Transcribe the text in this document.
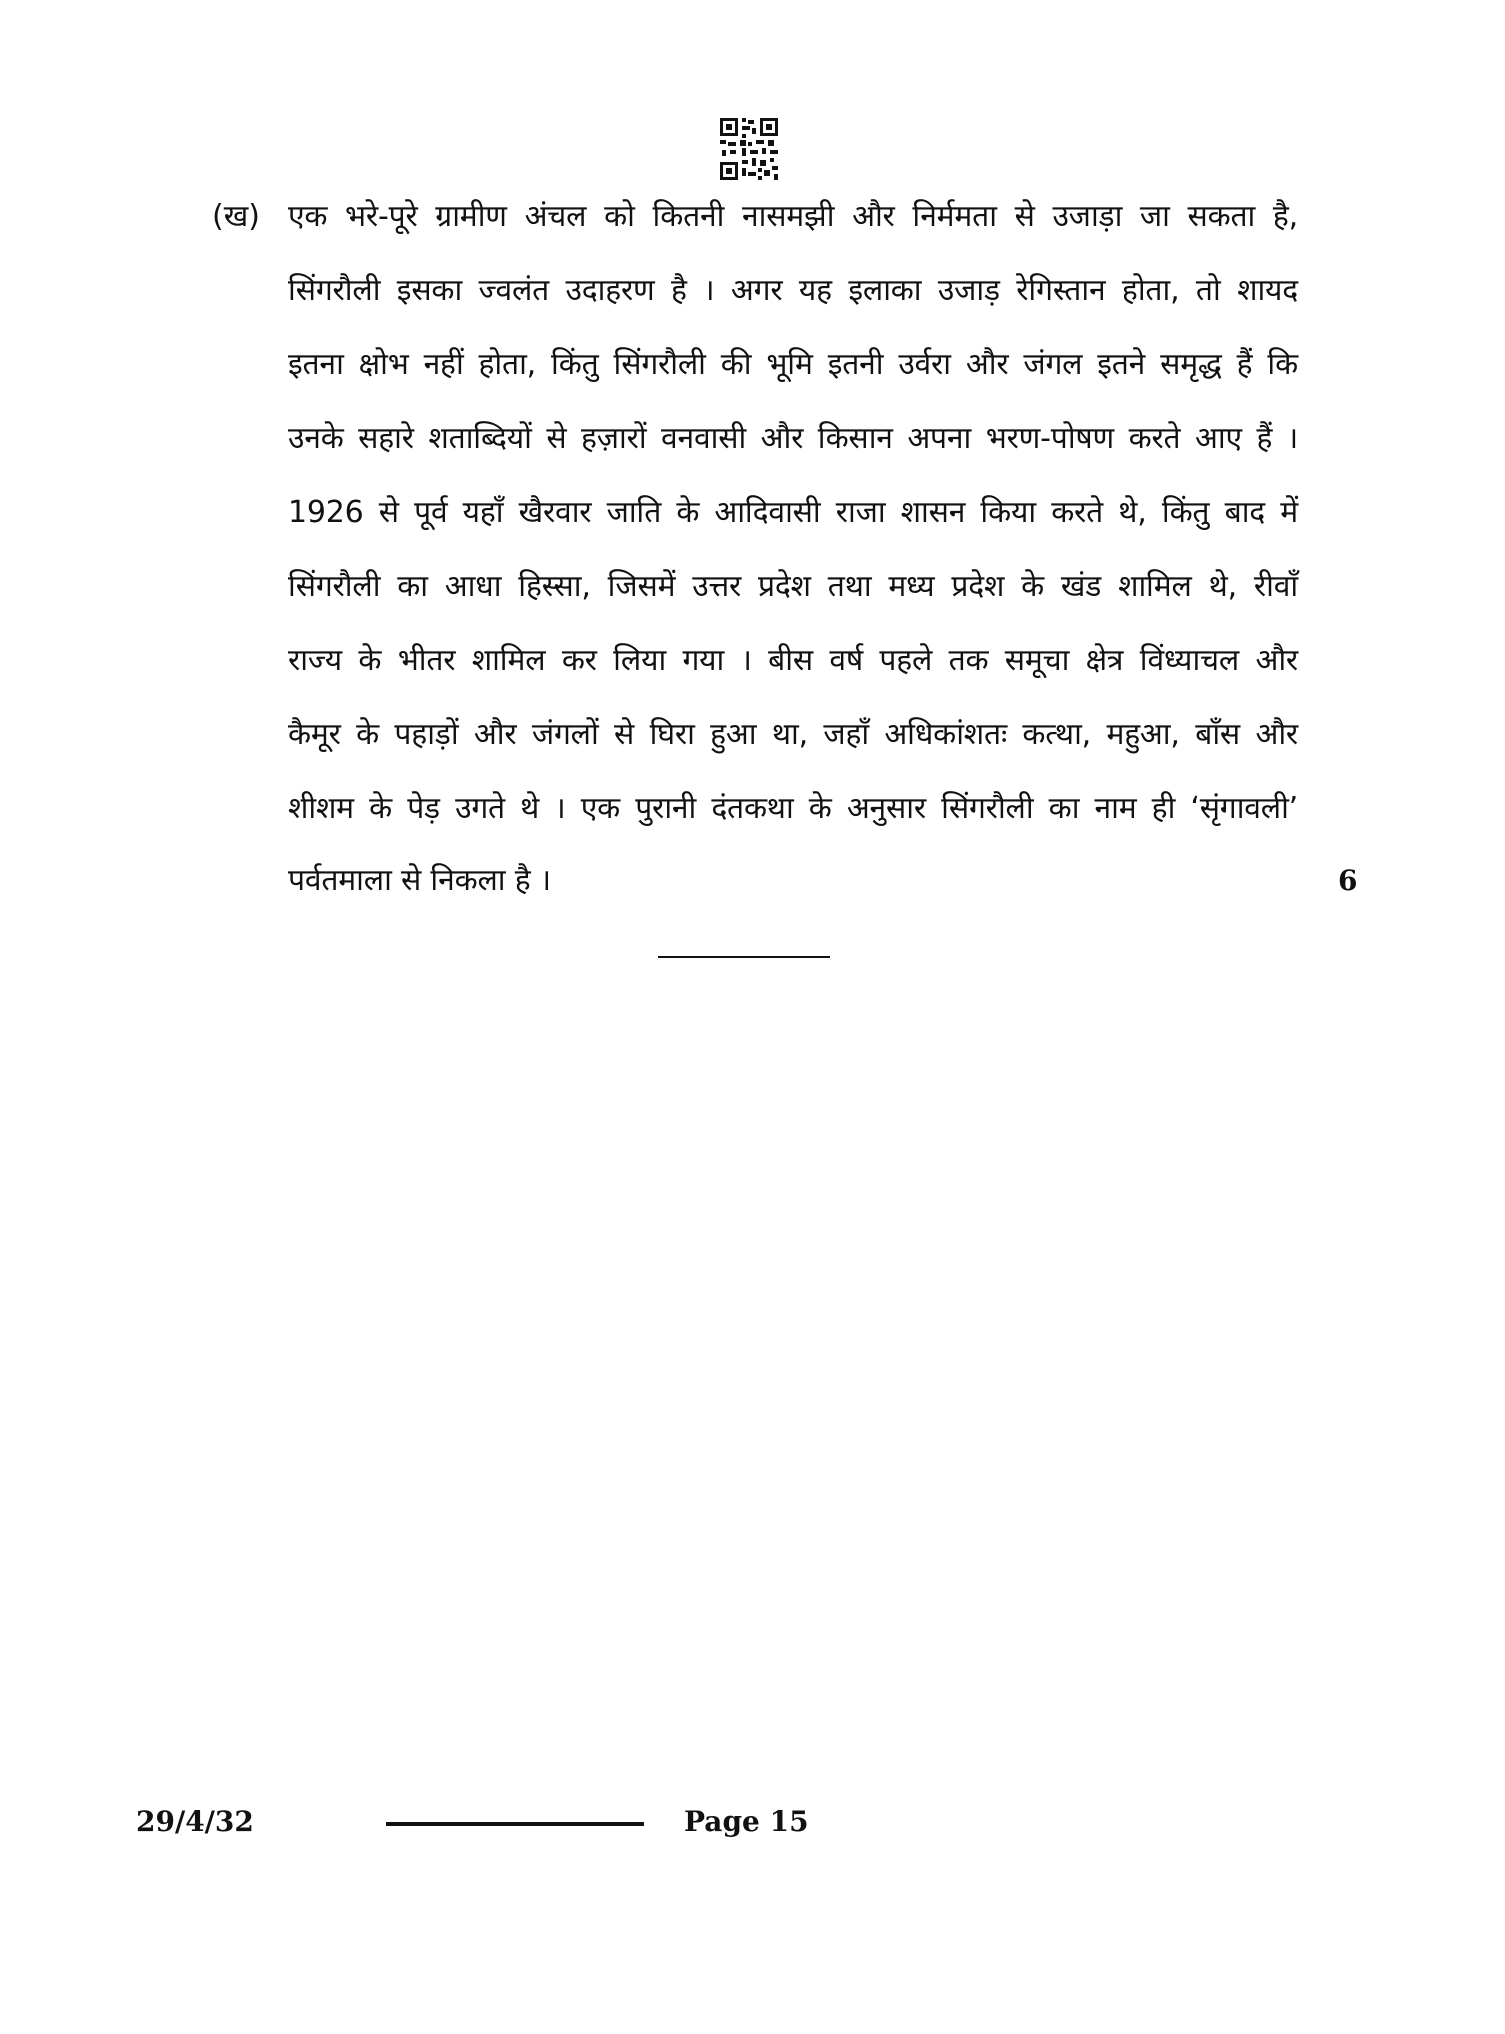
(ख) एक भरे-पूरे ग्रामीण अंचल को कितनी नासमझी और निर्ममता से उजाड़ा जा सकता है,
सिंगरौली इसका ज्वलंत उदाहरण है । अगर यह इलाका उजाड़ रेगिस्तान होता, तो शायद
इतना क्षोभ नहीं होता, किंतु सिंगरौली की भूमि इतनी उर्वरा और जंगल इतने समृद्ध हैं कि
उनके सहारे शताब्दियों से हज़ारों वनवासी और किसान अपना भरण-पोषण करते आए हैं ।
1926 से पूर्व यहाँ खैरवार जाति के आदिवासी राजा शासन किया करते थे, किंतु बाद में
सिंगरौली का आधा हिस्सा, जिसमें उत्तर प्रदेश तथा मध्य प्रदेश के खंड शामिल थे, रीवाँ
राज्य के भीतर शामिल कर लिया गया । बीस वर्ष पहले तक समूचा क्षेत्र विंध्याचल और
कैमूर के पहाड़ों और जंगलों से घिरा हुआ था, जहाँ अधिकांशतः कत्था, महुआ, बाँस और
शीशम के पेड़ उगते थे । एक पुरानी दंतकथा के अनुसार सिंगरौली का नाम ही ‘सृंगावली’
पर्वतमाला से निकला है ।	6
29/4/32	Page 15
